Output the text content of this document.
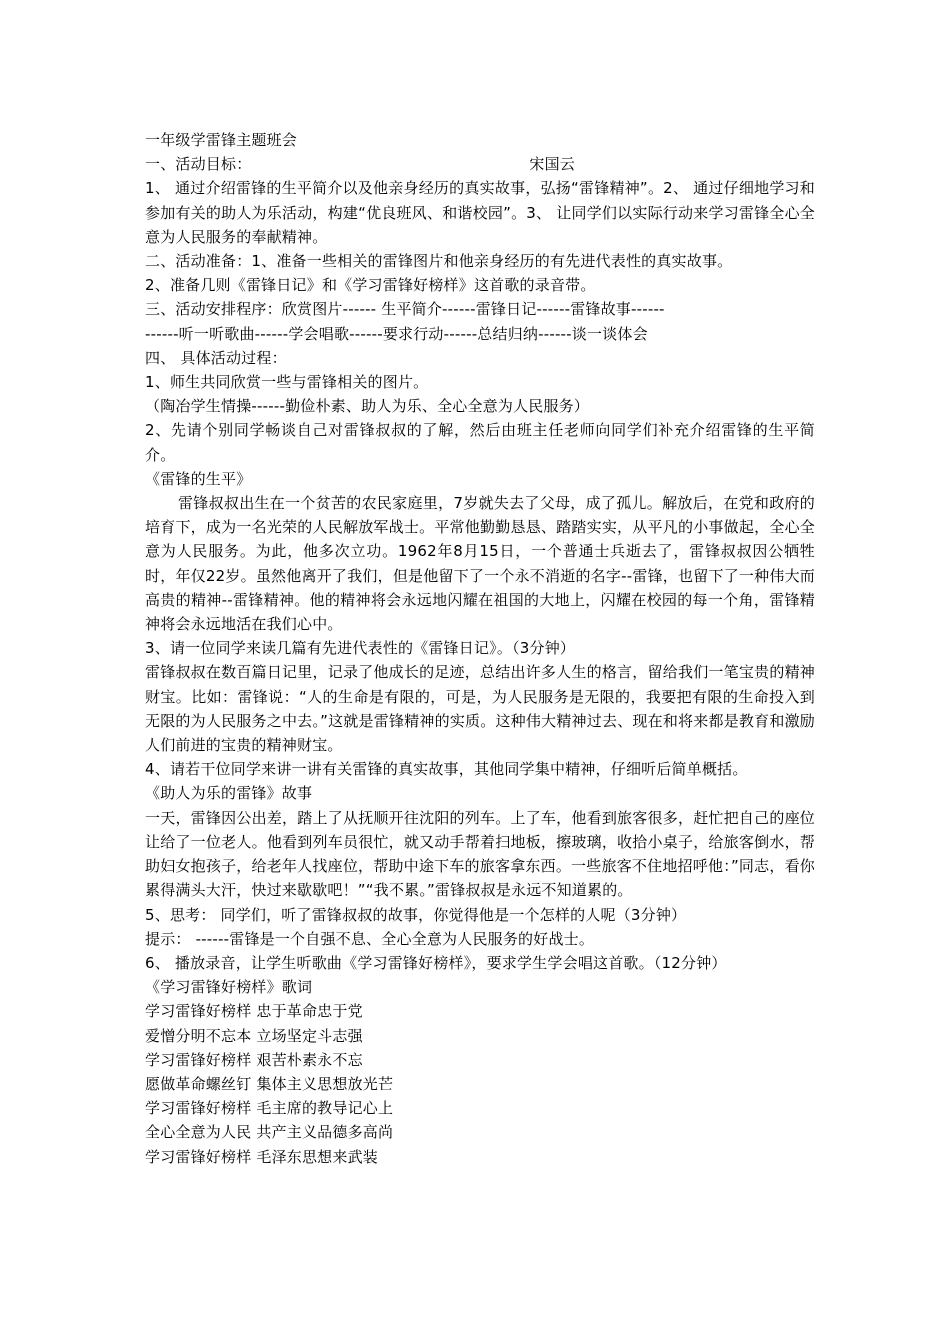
一年级学雷锋主题班会
一、活动目标：	宋国云
1、 通过介绍雷锋的生平简介以及他亲身经历的真实故事，弘扬“雷锋精神”。2、 通过仔细地学习和参加有关的助人为乐活动，构建“优良班风、和谐校园”。3、 让同学们以实际行动来学习雷锋全心全意为人民服务的奉献精神。
二、活动准备：1、准备一些相关的雷锋图片和他亲身经历的有先进代表性的真实故事。
2、准备几则《雷锋日记》和《学习雷锋好榜样》这首歌的录音带。
三、活动安排程序：欣赏图片------ 生平简介------雷锋日记------雷锋故事------
------听一听歌曲------学会唱歌------要求行动------总结归纳------谈一谈体会
四、 具体活动过程：
1、师生共同欣赏一些与雷锋相关的图片。
（陶冶学生情操------勤俭朴素、助人为乐、全心全意为人民服务）
2、先请个别同学畅谈自己对雷锋叔叔的了解，然后由班主任老师向同学们补充介绍雷锋的生平简介。
《雷锋的生平》
雷锋叔叔出生在一个贫苦的农民家庭里，7岁就失去了父母，成了孤儿。解放后，在党和政府的培育下，成为一名光荣的人民解放军战士。平常他勤勤恳恳、踏踏实实，从平凡的小事做起，全心全意为人民服务。为此，他多次立功。1962年8月15日，一个普通士兵逝去了，雷锋叔叔因公牺牲时，年仅22岁。虽然他离开了我们，但是他留下了一个永不消逝的名字--雷锋，也留下了一种伟大而高贵的精神--雷锋精神。他的精神将会永远地闪耀在祖国的大地上，闪耀在校园的每一个角，雷锋精神将会永远地活在我们心中。
3、请一位同学来读几篇有先进代表性的《雷锋日记》。（3分钟）
雷锋叔叔在数百篇日记里，记录了他成长的足迹，总结出许多人生的格言，留给我们一笔宝贵的精神财宝。比如：雷锋说：“人的生命是有限的，可是，为人民服务是无限的，我要把有限的生命投入到无限的为人民服务之中去。”这就是雷锋精神的实质。这种伟大精神过去、现在和将来都是教育和激励人们前进的宝贵的精神财宝。
4、请若干位同学来讲一讲有关雷锋的真实故事，其他同学集中精神，仔细听后简单概括。
《助人为乐的雷锋》故事
一天，雷锋因公出差，踏上了从抚顺开往沈阳的列车。上了车，他看到旅客很多，赶忙把自己的座位让给了一位老人。他看到列车员很忙，就又动手帮着扫地板，擦玻璃，收拾小桌子，给旅客倒水，帮助妇女抱孩子，给老年人找座位，帮助中途下车的旅客拿东西。一些旅客不住地招呼他：”同志，看你累得满头大汗，快过来歇歇吧！”“我不累。”雷锋叔叔是永远不知道累的。
5、思考： 同学们，听了雷锋叔叔的故事，你觉得他是一个怎样的人呢（3分钟）
提示： ------雷锋是一个自强不息、全心全意为人民服务的好战士。
6、 播放录音，让学生听歌曲《学习雷锋好榜样》，要求学生学会唱这首歌。（12分钟）
《学习雷锋好榜样》歌词
学习雷锋好榜样 忠于革命忠于党
爱憎分明不忘本 立场坚定斗志强
学习雷锋好榜样 艰苦朴素永不忘
愿做革命螺丝钉 集体主义思想放光芒
学习雷锋好榜样 毛主席的教导记心上
全心全意为人民 共产主义品德多高尚
学习雷锋好榜样 毛泽东思想来武装
